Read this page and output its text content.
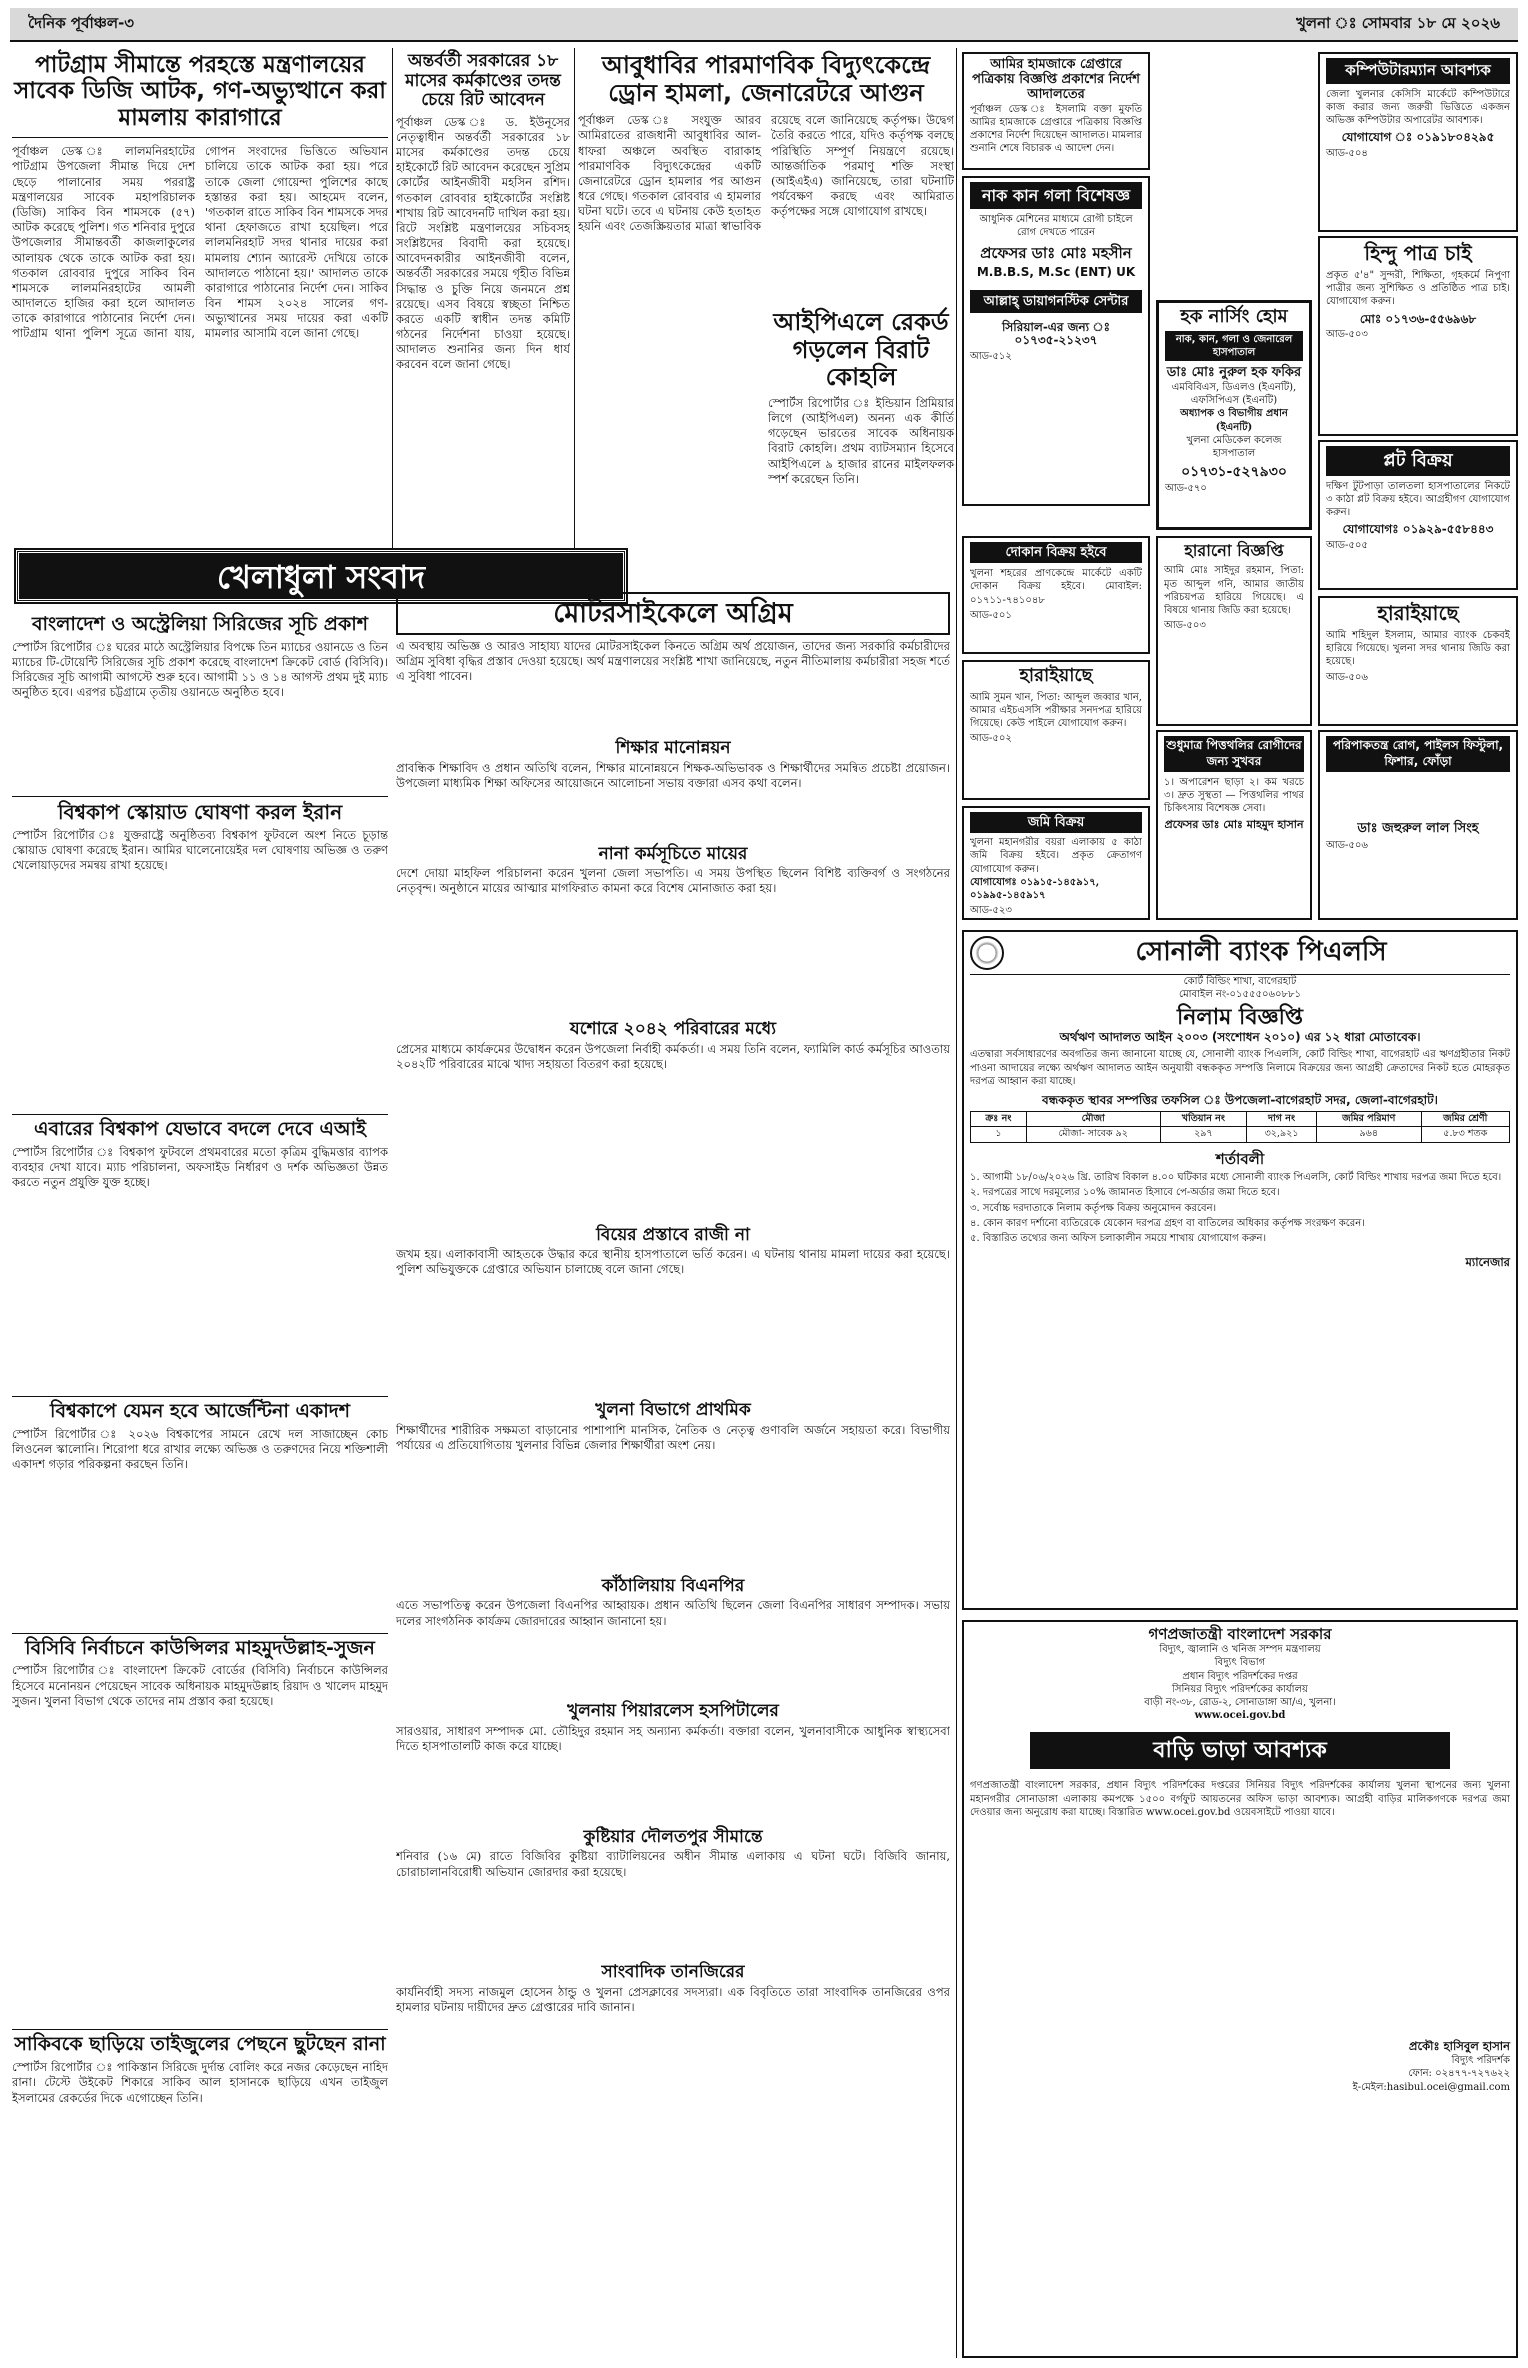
দৈনিক পূর্বাঞ্চল-৩	খুলনা ঃ সোমবার ১৮ মে ২০২৬
পাটগ্রাম সীমান্তে পরহস্তে মন্ত্রণালয়ের সাবেক ডিজি আটক, গণ-অভ্যুত্থানে করা মামলায় কারাগারে
পূর্বাঞ্চল ডেস্ক ঃ লালমনিরহাটের পাটগ্রাম উপজেলা সীমান্ত দিয়ে দেশ ছেড়ে পালানোর সময় পররাষ্ট্র মন্ত্রণালয়ের সাবেক মহাপরিচালক (ডিজি) সাকিব বিন শামসকে (৫৭) আটক করেছে পুলিশ। গত শনিবার দুপুরে উপজেলার সীমান্তবর্তী কাজলাকুলের আলায়ক থেকে তাকে আটক করা হয়। গতকাল রোববার দুপুরে সাকিব বিন শামসকে লালমনিরহাটের আমলী আদালতে হাজির করা হলে আদালত তাকে কারাগারে পাঠানোর নির্দেশ দেন। পাটগ্রাম থানা পুলিশ সূত্রে জানা যায়, গোপন সংবাদের ভিত্তিতে অভিযান চালিয়ে তাকে আটক করা হয়। পরে তাকে জেলা গোয়েন্দা পুলিশের কাছে হস্তান্তর করা হয়। আহমেদ বলেন, 'গতকাল রাতে সাকিব বিন শামসকে সদর থানা হেফাজতে রাখা হয়েছিল। পরে লালমনিরহাট সদর থানার দায়ের করা মামলায় শ্যোন অ্যারেস্ট দেখিয়ে তাকে আদালতে পাঠানো হয়।' আদালত তাকে কারাগারে পাঠানোর নির্দেশ দেন। সাকিব বিন শামস ২০২৪ সালের গণ-অভ্যুত্থানের সময় দায়ের করা একটি মামলার আসামি বলে জানা গেছে।
খেলাধুলা সংবাদ
বাংলাদেশ ও অস্ট্রেলিয়া সিরিজের সূচি প্রকাশ
স্পোর্টস রিপোর্টার ঃ ঘরের মাঠে অস্ট্রেলিয়ার বিপক্ষে তিন ম্যাচের ওয়ানডে ও তিন ম্যাচের টি-টোয়েন্টি সিরিজের সূচি প্রকাশ করেছে বাংলাদেশ ক্রিকেট বোর্ড (বিসিবি)। সিরিজের সূচি আগামী আগস্টে শুরু হবে। আগামী ১১ ও ১৪ আগস্ট প্রথম দুই ম্যাচ অনুষ্ঠিত হবে। এরপর চট্টগ্রামে তৃতীয় ওয়ানডে অনুষ্ঠিত হবে।
বিশ্বকাপ স্কোয়াড ঘোষণা করল ইরান
স্পোর্টস রিপোর্টার ঃ যুক্তরাষ্ট্রে অনুষ্ঠিতব্য বিশ্বকাপ ফুটবলে অংশ নিতে চূড়ান্ত স্কোয়াড ঘোষণা করেছে ইরান। আমির ঘালেনোয়েইর দল ঘোষণায় অভিজ্ঞ ও তরুণ খেলোয়াড়দের সমন্বয় রাখা হয়েছে।
এবারের বিশ্বকাপ যেভাবে বদলে দেবে এআই
স্পোর্টস রিপোর্টার ঃ বিশ্বকাপ ফুটবলে প্রথমবারের মতো কৃত্রিম বুদ্ধিমত্তার ব্যাপক ব্যবহার দেখা যাবে। ম্যাচ পরিচালনা, অফসাইড নির্ধারণ ও দর্শক অভিজ্ঞতা উন্নত করতে নতুন প্রযুক্তি যুক্ত হচ্ছে।
বিশ্বকাপে যেমন হবে আর্জেন্টিনা একাদশ
স্পোর্টস রিপোর্টার ঃ ২০২৬ বিশ্বকাপের সামনে রেখে দল সাজাচ্ছেন কোচ লিওনেল স্কালোনি। শিরোপা ধরে রাখার লক্ষ্যে অভিজ্ঞ ও তরুণদের নিয়ে শক্তিশালী একাদশ গড়ার পরিকল্পনা করছেন তিনি।
বিসিবি নির্বাচনে কাউন্সিলর মাহমুদউল্লাহ-সুজন
স্পোর্টস রিপোর্টার ঃ বাংলাদেশ ক্রিকেট বোর্ডের (বিসিবি) নির্বাচনে কাউন্সিলর হিসেবে মনোনয়ন পেয়েছেন সাবেক অধিনায়ক মাহমুদউল্লাহ রিয়াদ ও খালেদ মাহমুদ সুজন। খুলনা বিভাগ থেকে তাদের নাম প্রস্তাব করা হয়েছে।
সাকিবকে ছাড়িয়ে তাইজুলের পেছনে ছুটছেন রানা
স্পোর্টস রিপোর্টার ঃ পাকিস্তান সিরিজে দুর্দান্ত বোলিং করে নজর কেড়েছেন নাহিদ রানা। টেস্টে উইকেট শিকারে সাকিব আল হাসানকে ছাড়িয়ে এখন তাইজুল ইসলামের রেকর্ডের দিকে এগোচ্ছেন তিনি।
অন্তর্বর্তী সরকারের ১৮ মাসের কর্মকাণ্ডের তদন্ত চেয়ে রিট আবেদন
পূর্বাঞ্চল ডেস্ক ঃ ড. ইউনূসের নেতৃত্বাধীন অন্তর্বর্তী সরকারের ১৮ মাসের কর্মকাণ্ডের তদন্ত চেয়ে হাইকোর্টে রিট আবেদন করেছেন সুপ্রিম কোর্টের আইনজীবী মহসিন রশিদ। গতকাল রোববার হাইকোর্টের সংশ্লিষ্ট শাখায় রিট আবেদনটি দাখিল করা হয়। রিটে সংশ্লিষ্ট মন্ত্রণালয়ের সচিবসহ সংশ্লিষ্টদের বিবাদী করা হয়েছে। আবেদনকারীর আইনজীবী বলেন, অন্তর্বর্তী সরকারের সময়ে গৃহীত বিভিন্ন সিদ্ধান্ত ও চুক্তি নিয়ে জনমনে প্রশ্ন রয়েছে। এসব বিষয়ে স্বচ্ছতা নিশ্চিত করতে একটি স্বাধীন তদন্ত কমিটি গঠনের নির্দেশনা চাওয়া হয়েছে। আদালত শুনানির জন্য দিন ধার্য করবেন বলে জানা গেছে।
আবুধাবির পারমাণবিক বিদ্যুৎকেন্দ্রে ড্রোন হামলা, জেনারেটরে আগুন
পূর্বাঞ্চল ডেস্ক ঃ সংযুক্ত আরব আমিরাতের রাজধানী আবুধাবির আল-ধাফরা অঞ্চলে অবস্থিত বারাকাহ পারমাণবিক বিদ্যুৎকেন্দ্রের একটি জেনারেটরে ড্রোন হামলার পর আগুন ধরে গেছে। গতকাল রোববার এ হামলার ঘটনা ঘটে। তবে এ ঘটনায় কেউ হতাহত হয়নি এবং তেজস্ক্রিয়তার মাত্রা স্বাভাবিক রয়েছে বলে জানিয়েছে কর্তৃপক্ষ। উদ্বেগ তৈরি করতে পারে, যদিও কর্তৃপক্ষ বলছে পরিস্থিতি সম্পূর্ণ নিয়ন্ত্রণে রয়েছে। আন্তর্জাতিক পরমাণু শক্তি সংস্থা (আইএইএ) জানিয়েছে, তারা ঘটনাটি পর্যবেক্ষণ করছে এবং আমিরাত কর্তৃপক্ষের সঙ্গে যোগাযোগ রাখছে।
আইপিএলে রেকর্ড গড়লেন বিরাট কোহলি
স্পোর্টস রিপোর্টার ঃ ইন্ডিয়ান প্রিমিয়ার লিগে (আইপিএল) অনন্য এক কীর্তি গড়েছেন ভারতের সাবেক অধিনায়ক বিরাট কোহলি। প্রথম ব্যাটসম্যান হিসেবে আইপিএলে ৯ হাজার রানের মাইলফলক স্পর্শ করেছেন তিনি।
মোটরসাইকেলে অগ্রিম
এ অবস্থায় অভিজ্ঞ ও আরও সাহায্য যাদের মোটরসাইকেল কিনতে অগ্রিম অর্থ প্রয়োজন, তাদের জন্য সরকারি কর্মচারীদের অগ্রিম সুবিধা বৃদ্ধির প্রস্তাব দেওয়া হয়েছে। অর্থ মন্ত্রণালয়ের সংশ্লিষ্ট শাখা জানিয়েছে, নতুন নীতিমালায় কর্মচারীরা সহজ শর্তে এ সুবিধা পাবেন।
শিক্ষার মানোন্নয়ন
প্রাবন্ধিক শিক্ষাবিদ ও প্রধান অতিথি বলেন, শিক্ষার মানোন্নয়নে শিক্ষক-অভিভাবক ও শিক্ষার্থীদের সমন্বিত প্রচেষ্টা প্রয়োজন। উপজেলা মাধ্যমিক শিক্ষা অফিসের আয়োজনে আলোচনা সভায় বক্তারা এসব কথা বলেন।
নানা কর্মসূচিতে মায়ের
দেশে দোয়া মাহফিল পরিচালনা করেন খুলনা জেলা সভাপতি। এ সময় উপস্থিত ছিলেন বিশিষ্ট ব্যক্তিবর্গ ও সংগঠনের নেতৃবৃন্দ। অনুষ্ঠানে মায়ের আত্মার মাগফিরাত কামনা করে বিশেষ মোনাজাত করা হয়।
যশোরে ২০৪২ পরিবারের মধ্যে
প্রেসের মাধ্যমে কার্যক্রমের উদ্বোধন করেন উপজেলা নির্বাহী কর্মকর্তা। এ সময় তিনি বলেন, ফ্যামিলি কার্ড কর্মসূচির আওতায় ২০৪২টি পরিবারের মাঝে খাদ্য সহায়তা বিতরণ করা হয়েছে।
বিয়ের প্রস্তাবে রাজী না
জখম হয়। এলাকাবাসী আহতকে উদ্ধার করে স্থানীয় হাসপাতালে ভর্তি করেন। এ ঘটনায় থানায় মামলা দায়ের করা হয়েছে। পুলিশ অভিযুক্তকে গ্রেপ্তারে অভিযান চালাচ্ছে বলে জানা গেছে।
খুলনা বিভাগে প্রাথমিক
শিক্ষার্থীদের শারীরিক সক্ষমতা বাড়ানোর পাশাপাশি মানসিক, নৈতিক ও নেতৃত্ব গুণাবলি অর্জনে সহায়তা করে। বিভাগীয় পর্যায়ের এ প্রতিযোগিতায় খুলনার বিভিন্ন জেলার শিক্ষার্থীরা অংশ নেয়।
কাঁঠালিয়ায় বিএনপির
এতে সভাপতিত্ব করেন উপজেলা বিএনপির আহ্বায়ক। প্রধান অতিথি ছিলেন জেলা বিএনপির সাধারণ সম্পাদক। সভায় দলের সাংগঠনিক কার্যক্রম জোরদারের আহ্বান জানানো হয়।
খুলনায় পিয়ারলেস হসপিটালের
সারওয়ার, সাধারণ সম্পাদক মো. তৌহিদুর রহমান সহ অন্যান্য কর্মকর্তা। বক্তারা বলেন, খুলনাবাসীকে আধুনিক স্বাস্থ্যসেবা দিতে হাসপাতালটি কাজ করে যাচ্ছে।
কুষ্টিয়ার দৌলতপুর সীমান্তে
শনিবার (১৬ মে) রাতে বিজিবির কুষ্টিয়া ব্যাটালিয়নের অধীন সীমান্ত এলাকায় এ ঘটনা ঘটে। বিজিবি জানায়, চোরাচালানবিরোধী অভিযান জোরদার করা হয়েছে।
সাংবাদিক তানজিরের
কার্যনির্বাহী সদস্য নাজমুল হোসেন ঠান্ডু ও খুলনা প্রেসক্লাবের সদস্যরা। এক বিবৃতিতে তারা সাংবাদিক তানজিরের ওপর হামলার ঘটনায় দায়ীদের দ্রুত গ্রেপ্তারের দাবি জানান।
আমির হামজাকে গ্রেপ্তারে পত্রিকায় বিজ্ঞপ্তি প্রকাশের নির্দেশ আদালতের
পূর্বাঞ্চল ডেস্ক ঃ ইসলামি বক্তা মুফতি আমির হামজাকে গ্রেপ্তারে পত্রিকায় বিজ্ঞপ্তি প্রকাশের নির্দেশ দিয়েছেন আদালত। মামলার শুনানি শেষে বিচারক এ আদেশ দেন।
নাক কান গলা বিশেষজ্ঞ
আধুনিক মেশিনের মাধ্যমে রোগী চাইলে রোগ দেখতে পারেন
প্রফেসর ডাঃ মোঃ মহসীন
M.B.B.S, M.Sc (ENT) UK
আল্লাহ্‌ ডায়াগনস্টিক সেন্টার
সিরিয়াল-এর জন্য ঃ ০১৭৩৫-২১২৩৭
আড-৫১২
কম্পিউটারম্যান আবশ্যক
জেলা খুলনার কেসিসি মার্কেটে কম্পিউটারে কাজ করার জন্য জরুরী ভিত্তিতে একজন অভিজ্ঞ কম্পিউটার অপারেটর আবশ্যক।
যোগাযোগ ঃ ০১৯১৮০৪২৯৫
আড-৫০৪
হিন্দু পাত্র চাই
প্রকৃত ৫'৪" সুন্দরী, শিক্ষিতা, গৃহকর্মে নিপুণা পাত্রীর জন্য সুশিক্ষিত ও প্রতিষ্ঠিত পাত্র চাই। যোগাযোগ করুন।
মোঃ ০১৭৩৬-৫৫৬৯৬৮
আড-৫০৩
হক নার্সিং হোম
নাক, কান, গলা ও জেনারেল হাসপাতাল
ডাঃ মোঃ নুরুল হক ফকির
এমবিবিএস, ডিএলও (ইএনটি), এফসিপিএস (ইএনটি)
অধ্যাপক ও বিভাগীয় প্রধান (ইএনটি)
খুলনা মেডিকেল কলেজ হাসপাতাল
০১৭৩১-৫২৭৯৩০
আড-৫৭০
প্লট বিক্রয়
দক্ষিণ টুটপাড়া তালতলা হাসপাতালের নিকটে ৩ কাঠা প্লট বিক্রয় হইবে। আগ্রহীগণ যোগাযোগ করুন।
যোগাযোগঃ ০১৯২৯-৫৫৮৪৪৩
আড-৫০৫
দোকান বিক্রয় হইবে
খুলনা শহরের প্রাণকেন্দ্রে মার্কেটে একটি দোকান বিক্রয় হইবে। মোবাইল: ০১৭১১-৭৪১০৪৮
আড-৫০১
হারানো বিজ্ঞপ্তি
আমি মোঃ সাইদুর রহমান, পিতা: মৃত আব্দুল গনি, আমার জাতীয় পরিচয়পত্র হারিয়ে গিয়েছে। এ বিষয়ে থানায় জিডি করা হয়েছে।
আড-৫০৩
হারাইয়াছে
আমি শহিদুল ইসলাম, আমার ব্যাংক চেকবই হারিয়ে গিয়েছে। খুলনা সদর থানায় জিডি করা হয়েছে।
আড-৫০৬
হারাইয়াছে
আমি সুমন খান, পিতা: আব্দুল জব্বার খান, আমার এইচএসসি পরীক্ষার সনদপত্র হারিয়ে গিয়েছে। কেউ পাইলে যোগাযোগ করুন।
আড-৫০২	শুধুমাত্র পিত্তথলির রোগীদের জন্য সুখবর
১। অপারেশন ছাড়া ২। কম খরচে ৩। দ্রুত সুস্থতা — পিত্তথলির পাথর চিকিৎসায় বিশেষজ্ঞ সেবা।
প্রফেসর ডাঃ মোঃ মাহমুদ হাসান
পরিপাকতন্ত্র রোগ, পাইলস ফিস্টুলা, ফিশার, ফোঁড়া
ডাঃ জহুরুল লাল সিংহ
আড-৫০৬
জমি বিক্রয়
খুলনা মহানগরীর বয়রা এলাকায় ৫ কাঠা জমি বিক্রয় হইবে। প্রকৃত ক্রেতাগণ যোগাযোগ করুন।
যোগাযোগঃ ০১৯১৫-১৪৫৯১৭, ০১৯৯৫-১৪৫৯১৭
আড-৫২৩
সোনালী ব্যাংক পিএলসি
কোর্ট বিল্ডিং শাখা, বাগেরহাট
মোবাইল নং-০১৫৫৫০৬০৮৮১
নিলাম বিজ্ঞপ্তি
অর্থঋণ আদালত আইন ২০০৩ (সংশোধন ২০১০) এর ১২ ধারা মোতাবেক।
এতদ্বারা সর্বসাধারণের অবগতির জন্য জানানো যাচ্ছে যে, সোনালী ব্যাংক পিএলসি, কোর্ট বিল্ডিং শাখা, বাগেরহাট এর ঋণগ্রহীতার নিকট পাওনা আদায়ের লক্ষ্যে অর্থঋণ আদালত আইন অনুযায়ী বন্ধককৃত সম্পত্তি নিলামে বিক্রয়ের জন্য আগ্রহী ক্রেতাদের নিকট হতে মোহরকৃত দরপত্র আহ্বান করা যাচ্ছে।
বন্ধককৃত স্থাবর সম্পত্তির তফসিল ঃ উপজেলা-বাগেরহাট সদর, জেলা-বাগেরহাট।
ক্রঃ নং	মৌজা	খতিয়ান নং	দাগ নং	জমির পরিমাণ	জমির শ্রেণী
১	মৌজা- সাবেক ৯২	২৯৭	৩২,৯২১	৯৬৪	৫.৮৩ শতক
শর্তাবলী
১. আগামী ১৮/০৬/২০২৬ খ্রি. তারিখ বিকাল ৪.০০ ঘটিকার মধ্যে সোনালী ব্যাংক পিএলসি, কোর্ট বিল্ডিং শাখায় দরপত্র জমা দিতে হবে।
২. দরপত্রের সাথে দরমূল্যের ১০% জামানত হিসাবে পে-অর্ডার জমা দিতে হবে।
৩. সর্বোচ্চ দরদাতাকে নিলাম কর্তৃপক্ষ বিক্রয় অনুমোদন করবেন।
৪. কোন কারণ দর্শানো ব্যতিরেকে যেকোন দরপত্র গ্রহণ বা বাতিলের অধিকার কর্তৃপক্ষ সংরক্ষণ করেন।
৫. বিস্তারিত তথ্যের জন্য অফিস চলাকালীন সময়ে শাখায় যোগাযোগ করুন।
ম্যানেজার
গণপ্রজাতন্ত্রী বাংলাদেশ সরকার
বিদ্যুৎ, জ্বালানি ও খনিজ সম্পদ মন্ত্রণালয়
বিদ্যুৎ বিভাগ
প্রধান বিদ্যুৎ পরিদর্শকের দপ্তর
সিনিয়র বিদ্যুৎ পরিদর্শকের কার্যালয়
বাড়ী নং-৩৮, রোড-২, সোনাডাঙ্গা আ/এ, খুলনা।
www.ocei.gov.bd
বাড়ি ভাড়া আবশ্যক
গণপ্রজাতন্ত্রী বাংলাদেশ সরকার, প্রধান বিদ্যুৎ পরিদর্শকের দপ্তরের সিনিয়র বিদ্যুৎ পরিদর্শকের কার্যালয় খুলনা স্থাপনের জন্য খুলনা মহানগরীর সোনাডাঙ্গা এলাকায় কমপক্ষে ১৫০০ বর্গফুট আয়তনের অফিস ভাড়া আবশ্যক। আগ্রহী বাড়ির মালিকগণকে দরপত্র জমা দেওয়ার জন্য অনুরোধ করা যাচ্ছে। বিস্তারিত www.ocei.gov.bd ওয়েবসাইটে পাওয়া যাবে।
প্রকৌঃ হাসিবুল হাসান
বিদ্যুৎ পরিদর্শক
ফোন: ০২৪৭৭-৭২৭৬২২
ই-মেইল:hasibul.ocei@gmail.com
